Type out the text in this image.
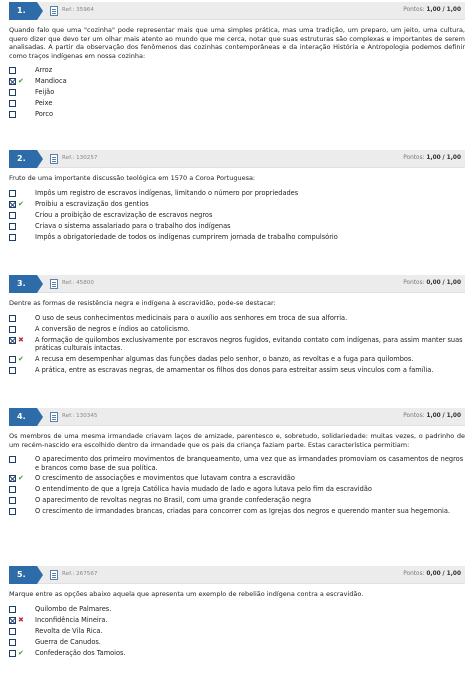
1.	Ref.: 35964	Pontos: 1,00 / 1,00
Quando falo que uma "cozinha" pode representar mais que uma simples prática, mas uma tradição, um preparo, um jeito, uma cultura, quero dizer que devo ter um olhar mais atento ao mundo que me cerca, notar que suas estruturas são complexas e importantes de serem analisadas. A partir da observação dos fenômenos das cozinhas contemporâneas e da interação História e Antropologia podemos definir como traços indígenas em nossa cozinha:
Arroz
✔	Mandioca
Feijão
Peixe
Porco
2.	Ref.: 130257	Pontos: 1,00 / 1,00
Fruto de uma importante discussão teológica em 1570 a Coroa Portuguesa:
Impôs um registro de escravos indígenas, limitando o número por propriedades
✔	Proibiu a escravização dos gentios
Criou a proibição de escravização de escravos negros
Criava o sistema assalariado para o trabalho dos indígenas
Impôs a obrigatoriedade de todos os indígenas cumprirem jornada de trabalho compulsório
3.	Ref.: 45800	Pontos: 0,00 / 1,00
Dentre as formas de resistência negra e indígena à escravidão, pode-se destacar:
O uso de seus conhecimentos medicinais para o auxílio aos senhores em troca de sua alforria.
A conversão de negros e índios ao catolicismo.
✖	A formação de quilombos exclusivamente por escravos negros fugidos, evitando contato com indígenas, para assim manter suas práticas culturais intactas.
✔	A recusa em desempenhar algumas das funções dadas pelo senhor, o banzo, as revoltas e a fuga para quilombos.
A prática, entre as escravas negras, de amamentar os filhos dos donos para estreitar assim seus vínculos com a família.
4.	Ref.: 130345	Pontos: 1,00 / 1,00
Os membros de uma mesma irmandade criavam laços de amizade, parentesco e, sobretudo, solidariedade: muitas vezes, o padrinho de um recém-nascido era escolhido dentro da irmandade que os pais da criança faziam parte. Estas característica permitiam:
O aparecimento dos primeiro movimentos de branqueamento, uma vez que as irmandades promoviam os casamentos de negros e brancos como base de sua política.
✔	O crescimento de associações e movimentos que lutavam contra a escravidão
O entendimento de que a Igreja Católica havia mudado de lado e agora lutava pelo fim da escravidão
O aparecimento de revoltas negras no Brasil, com uma grande confederação negra
O crescimento de irmandades brancas, criadas para concorrer com as Igrejas dos negros e querendo manter sua hegemonia.
5.	Ref.: 267567	Pontos: 0,00 / 1,00
Marque entre as opções abaixo aquela que apresenta um exemplo de rebelião indígena contra a escravidão.
Quilombo de Palmares.
✖	Inconfidência Mineira.
Revolta de Vila Rica.
Guerra de Canudos.
✔	Confederação dos Tamoios.
